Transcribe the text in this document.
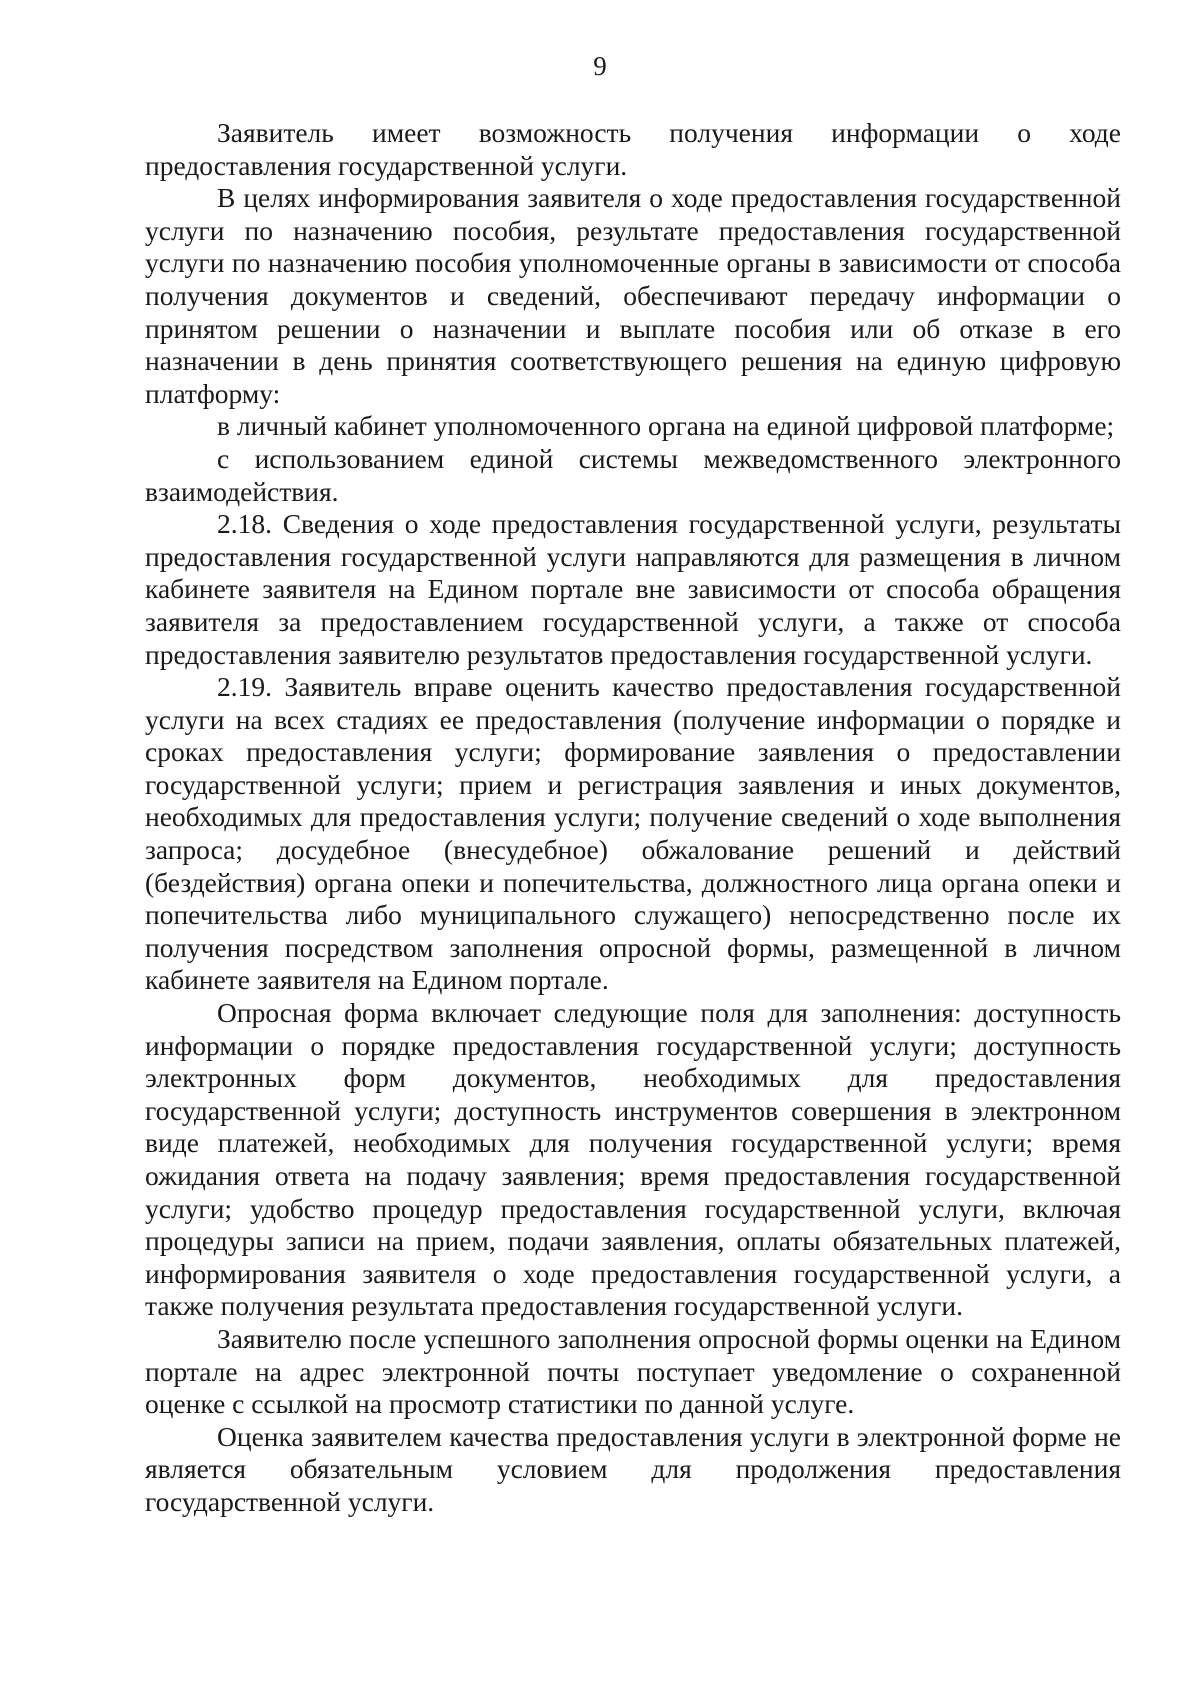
9

Заявитель имеет возможность получения информации о ходе предоставления государственной услуги.

В целях информирования заявителя о ходе предоставления государственной услуги по назначению пособия, результате предоставления государственной услуги по назначению пособия уполномоченные органы в зависимости от способа получения документов и сведений, обеспечивают передачу информации о принятом решении о назначении и выплате пособия или об отказе в его назначении в день принятия соответствующего решения на единую цифровую платформу:

в личный кабинет уполномоченного органа на единой цифровой платформе;

с использованием единой системы межведомственного электронного взаимодействия.

2.18. Сведения о ходе предоставления государственной услуги, результаты предоставления государственной услуги направляются для размещения в личном кабинете заявителя на Едином портале вне зависимости от способа обращения заявителя за предоставлением государственной услуги, а также от способа предоставления заявителю результатов предоставления государственной услуги.

2.19. Заявитель вправе оценить качество предоставления государственной услуги на всех стадиях ее предоставления (получение информации о порядке и сроках предоставления услуги; формирование заявления о предоставлении государственной услуги; прием и регистрация заявления и иных документов, необходимых для предоставления услуги; получение сведений о ходе выполнения запроса; досудебное (внесудебное) обжалование решений и действий (бездействия) органа опеки и попечительства, должностного лица органа опеки и попечительства либо муниципального служащего) непосредственно после их получения посредством заполнения опросной формы, размещенной в личном кабинете заявителя на Едином портале.

Опросная форма включает следующие поля для заполнения: доступность информации о порядке предоставления государственной услуги; доступность электронных форм документов, необходимых для предоставления государственной услуги; доступность инструментов совершения в электронном виде платежей, необходимых для получения государственной услуги; время ожидания ответа на подачу заявления; время предоставления государственной услуги; удобство процедур предоставления государственной услуги, включая процедуры записи на прием, подачи заявления, оплаты обязательных платежей, информирования заявителя о ходе предоставления государственной услуги, а также получения результата предоставления государственной услуги.

Заявителю после успешного заполнения опросной формы оценки на Едином портале на адрес электронной почты поступает уведомление о сохраненной оценке с ссылкой на просмотр статистики по данной услуге.

Оценка заявителем качества предоставления услуги в электронной форме не является обязательным условием для продолжения предоставления государственной услуги.
